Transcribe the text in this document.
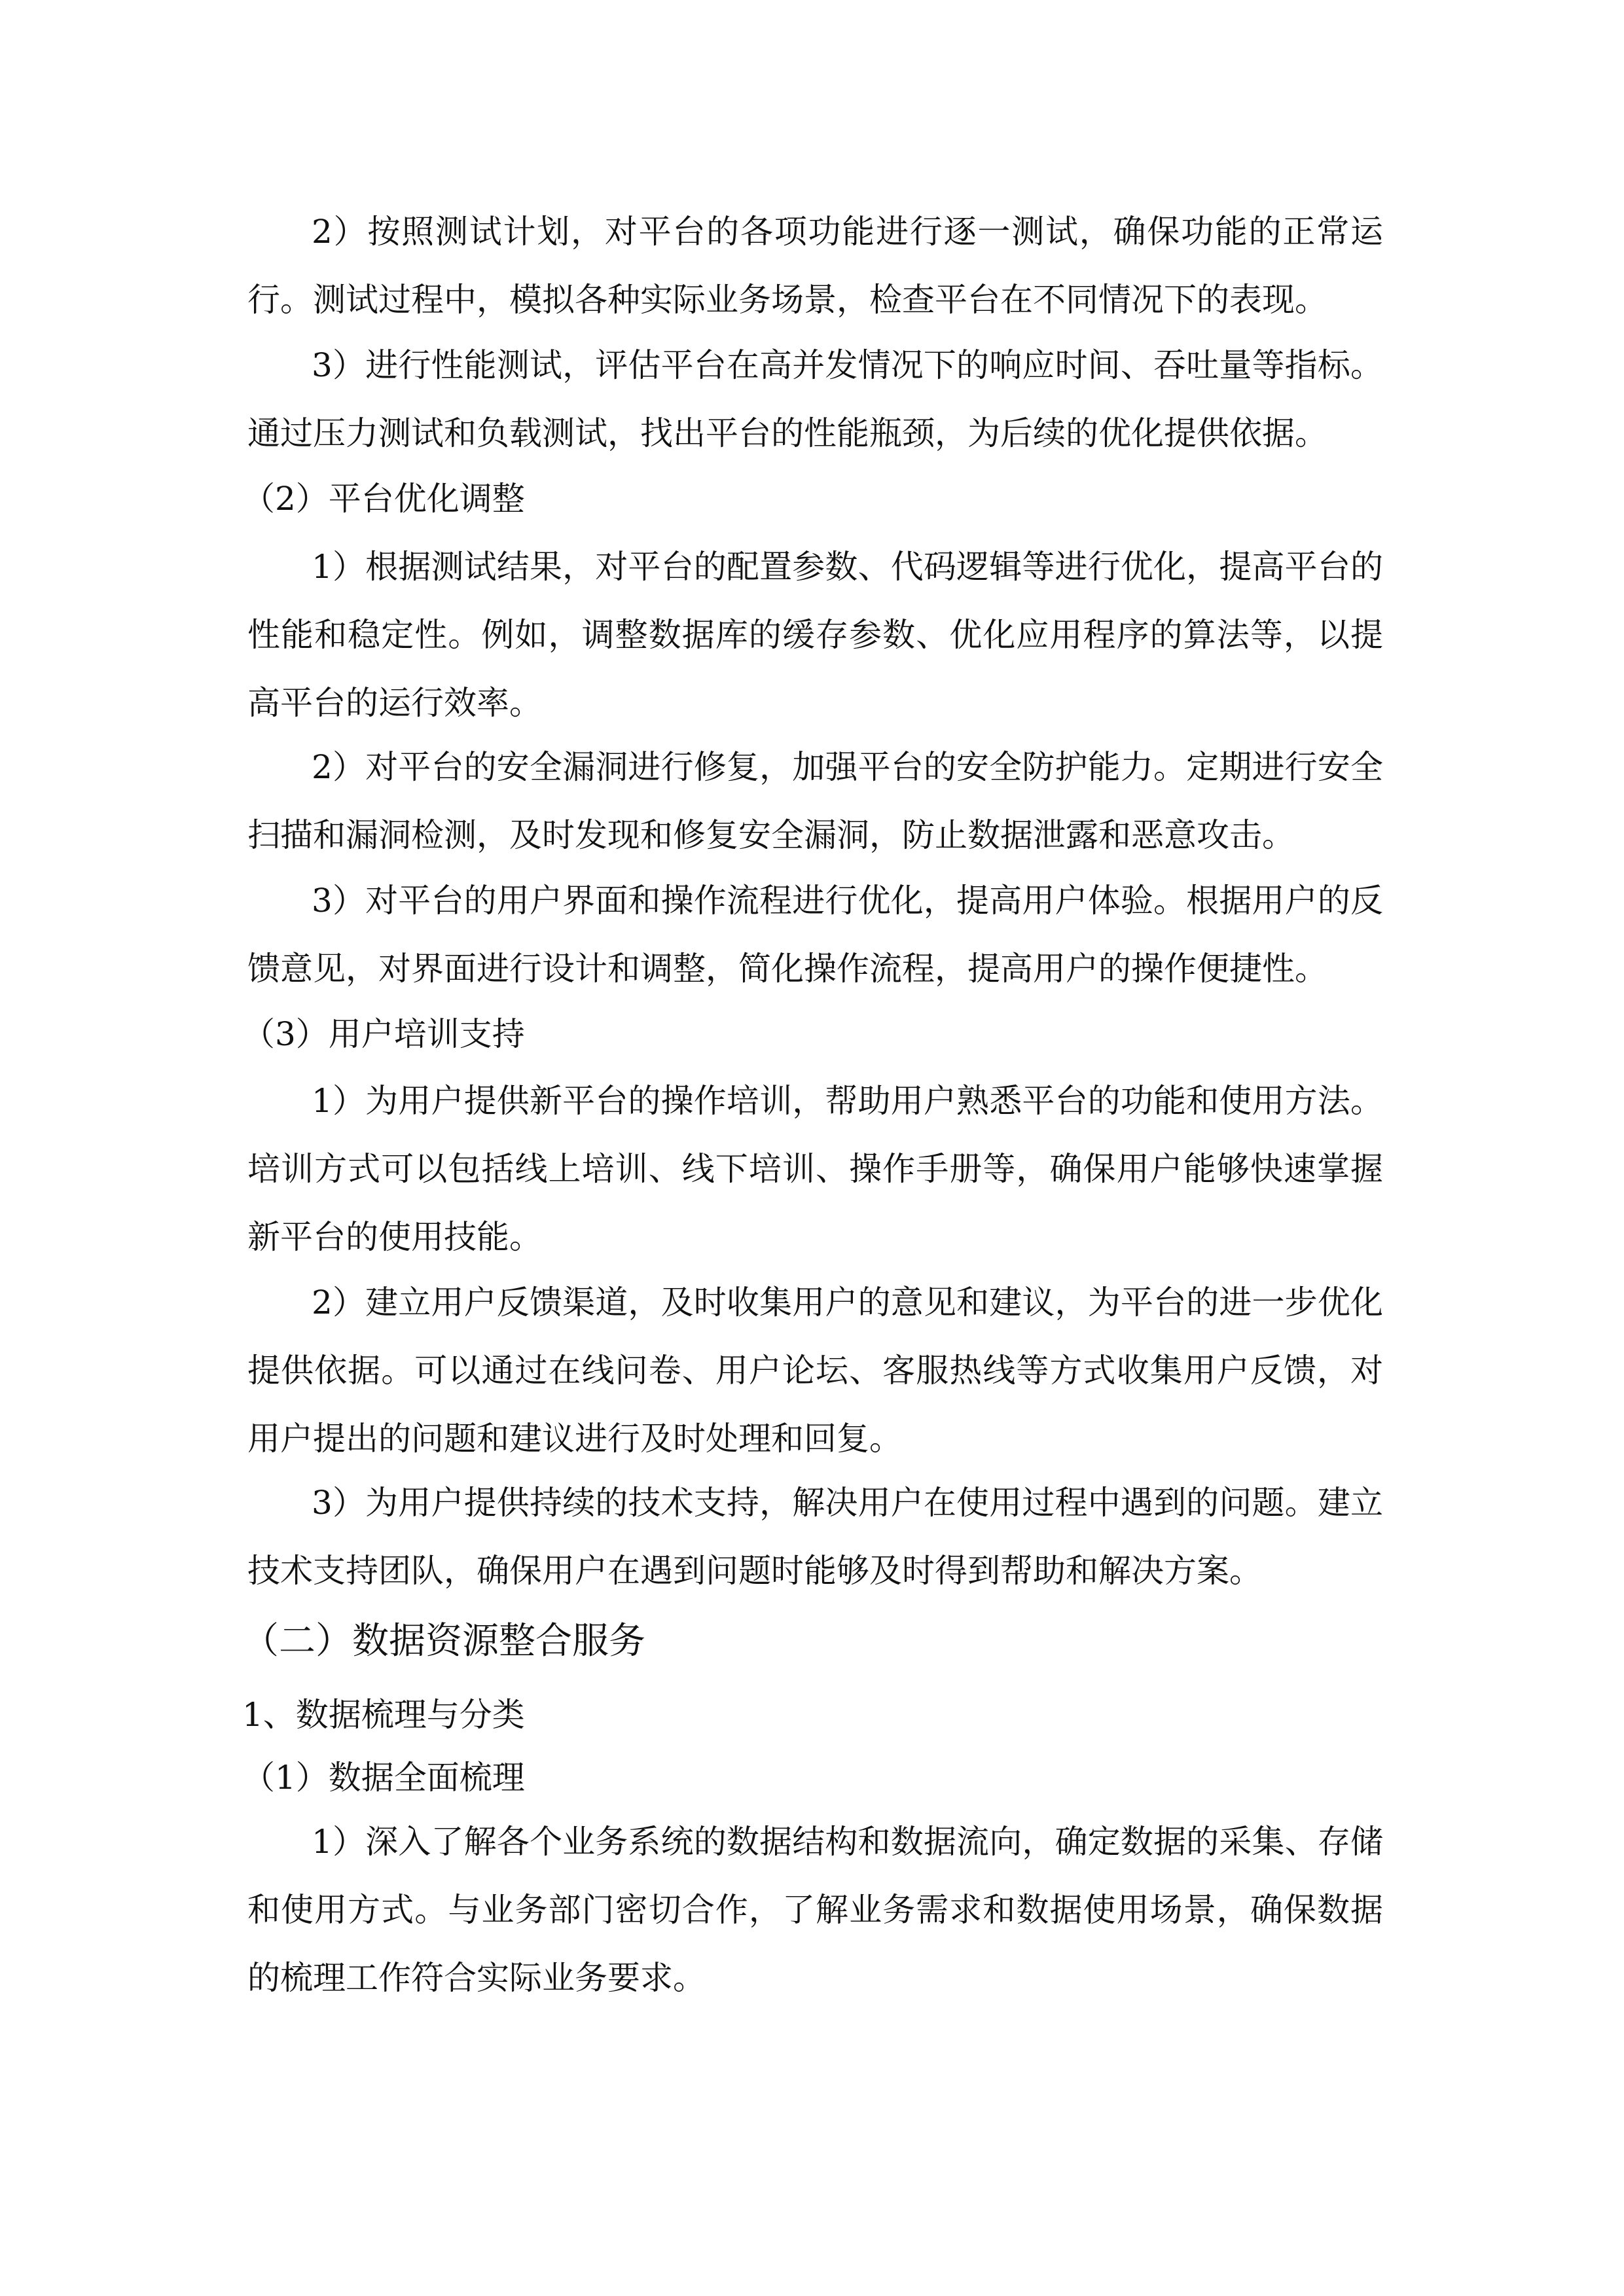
2）按照测试计划，对平台的各项功能进行逐一测试，确保功能的正常运行。测试过程中，模拟各种实际业务场景，检查平台在不同情况下的表现。

3）进行性能测试，评估平台在高并发情况下的响应时间、吞吐量等指标。通过压力测试和负载测试，找出平台的性能瓶颈，为后续的优化提供依据。

（2）平台优化调整

1）根据测试结果，对平台的配置参数、代码逻辑等进行优化，提高平台的性能和稳定性。例如，调整数据库的缓存参数、优化应用程序的算法等，以提高平台的运行效率。

2）对平台的安全漏洞进行修复，加强平台的安全防护能力。定期进行安全扫描和漏洞检测，及时发现和修复安全漏洞，防止数据泄露和恶意攻击。

3）对平台的用户界面和操作流程进行优化，提高用户体验。根据用户的反馈意见，对界面进行设计和调整，简化操作流程，提高用户的操作便捷性。

（3）用户培训支持

1）为用户提供新平台的操作培训，帮助用户熟悉平台的功能和使用方法。培训方式可以包括线上培训、线下培训、操作手册等，确保用户能够快速掌握新平台的使用技能。

2）建立用户反馈渠道，及时收集用户的意见和建议，为平台的进一步优化提供依据。可以通过在线问卷、用户论坛、客服热线等方式收集用户反馈，对用户提出的问题和建议进行及时处理和回复。

3）为用户提供持续的技术支持，解决用户在使用过程中遇到的问题。建立技术支持团队，确保用户在遇到问题时能够及时得到帮助和解决方案。

（二）数据资源整合服务

1、数据梳理与分类

（1）数据全面梳理

1）深入了解各个业务系统的数据结构和数据流向，确定数据的采集、存储和使用方式。与业务部门密切合作，了解业务需求和数据使用场景，确保数据的梳理工作符合实际业务要求。
